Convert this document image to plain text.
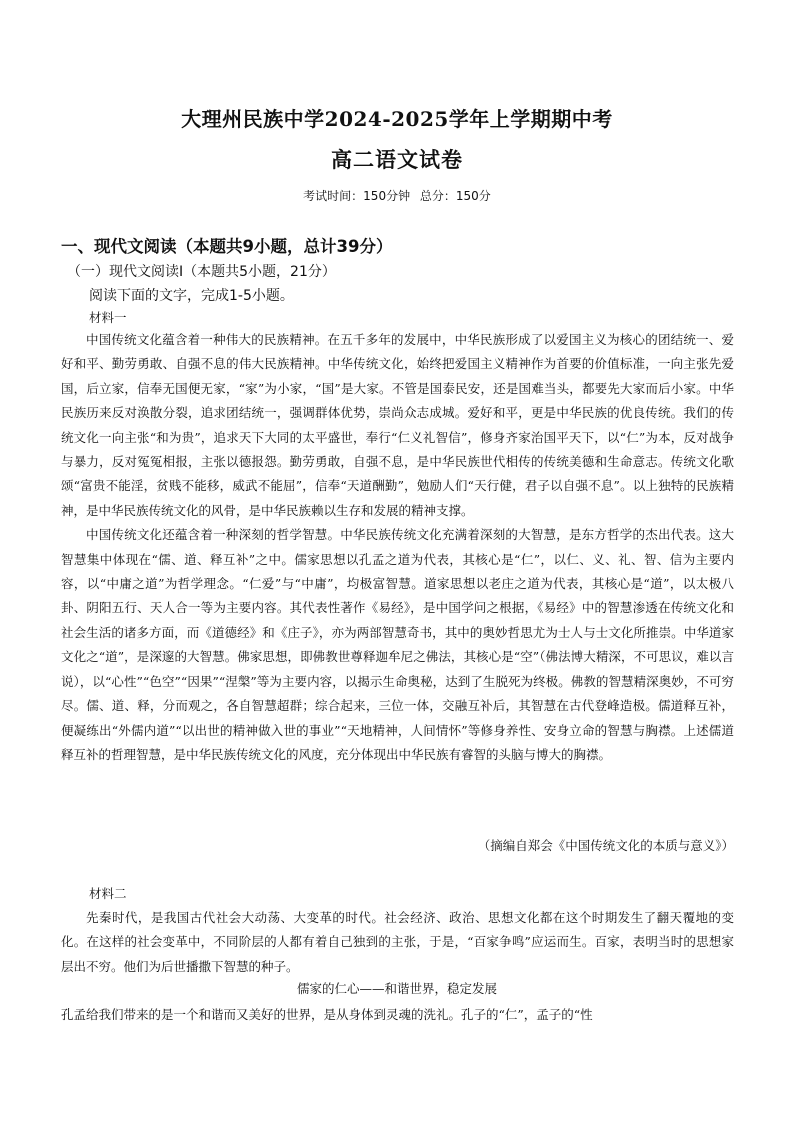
大理州民族中学2024-2025学年上学期期中考
高二语文试卷
考试时间：150分钟 总分：150分
一、现代文阅读（本题共9小题，总计39分）
（一）现代文阅读Ⅰ（本题共5小题，21分）
阅读下面的文字，完成1-5小题。
材料一

中国传统文化蕴含着一种伟大的民族精神。在五千多年的发展中，中华民族形成了以爱国主义为核心的团结统一、爱好和平、勤劳勇敢、自强不息的伟大民族精神。中华传统文化，始终把爱国主义精神作为首要的价值标准，一向主张先爱国，后立家，信奉无国便无家，“家”为小家，“国”是大家。不管是国泰民安，还是国难当头，都要先大家而后小家。中华民族历来反对涣散分裂，追求团结统一，强调群体优势，崇尚众志成城。爱好和平，更是中华民族的优良传统。我们的传统文化一向主张“和为贵”，追求天下大同的太平盛世，奉行“仁义礼智信”，修身齐家治国平天下，以“仁”为本，反对战争与暴力，反对冤冤相报，主张以德报怨。勤劳勇敢，自强不息，是中华民族世代相传的传统美德和生命意志。传统文化歌颂“富贵不能淫，贫贱不能移，威武不能屈”，信奉“天道酬勤”，勉励人们“天行健，君子以自强不息”。以上独特的民族精神，是中华民族传统文化的风骨，是中华民族赖以生存和发展的精神支撑。

中国传统文化还蕴含着一种深刻的哲学智慧。中华民族传统文化充满着深刻的大智慧，是东方哲学的杰出代表。这大智慧集中体现在“儒、道、释互补”之中。儒家思想以孔孟之道为代表，其核心是“仁”，以仁、义、礼、智、信为主要内容，以“中庸之道”为哲学理念。“仁爱”与“中庸”，均极富智慧。道家思想以老庄之道为代表，其核心是“道”，以太极八卦、阴阳五行、天人合一等为主要内容。其代表性著作《易经》，是中国学问之根据，《易经》中的智慧渗透在传统文化和社会生活的诸多方面，而《道德经》和《庄子》，亦为两部智慧奇书，其中的奥妙哲思尤为士人与士文化所推崇。中华道家文化之“道”，是深邃的大智慧。佛家思想，即佛教世尊释迦牟尼之佛法，其核心是“空”（佛法博大精深，不可思议，难以言说），以“心性”“色空”“因果”“涅槃”等为主要内容，以揭示生命奥秘，达到了生脱死为终极。佛教的智慧精深奥妙，不可穷尽。儒、道、释，分而观之，各自智慧超群；综合起来，三位一体，交融互补后，其智慧在古代登峰造极。儒道释互补，便凝练出“外儒内道”“以出世的精神做入世的事业”“天地精神，人间情怀”等修身养性、安身立命的智慧与胸襟。上述儒道释互补的哲理智慧，是中华民族传统文化的风度，充分体现出中华民族有睿智的头脑与博大的胸襟。

（摘编自郑会《中国传统文化的本质与意义》）
材料二

先秦时代，是我国古代社会大动荡、大变革的时代。社会经济、政治、思想文化都在这个时期发生了翻天覆地的变化。在这样的社会变革中，不同阶层的人都有着自己独到的主张，于是，“百家争鸣”应运而生。百家，表明当时的思想家层出不穷。他们为后世播撒下智慧的种子。

儒家的仁心——和谐世界，稳定发展

孔孟给我们带来的是一个和谐而又美好的世界，是从身体到灵魂的洗礼。孔子的“仁”，孟子的“性
